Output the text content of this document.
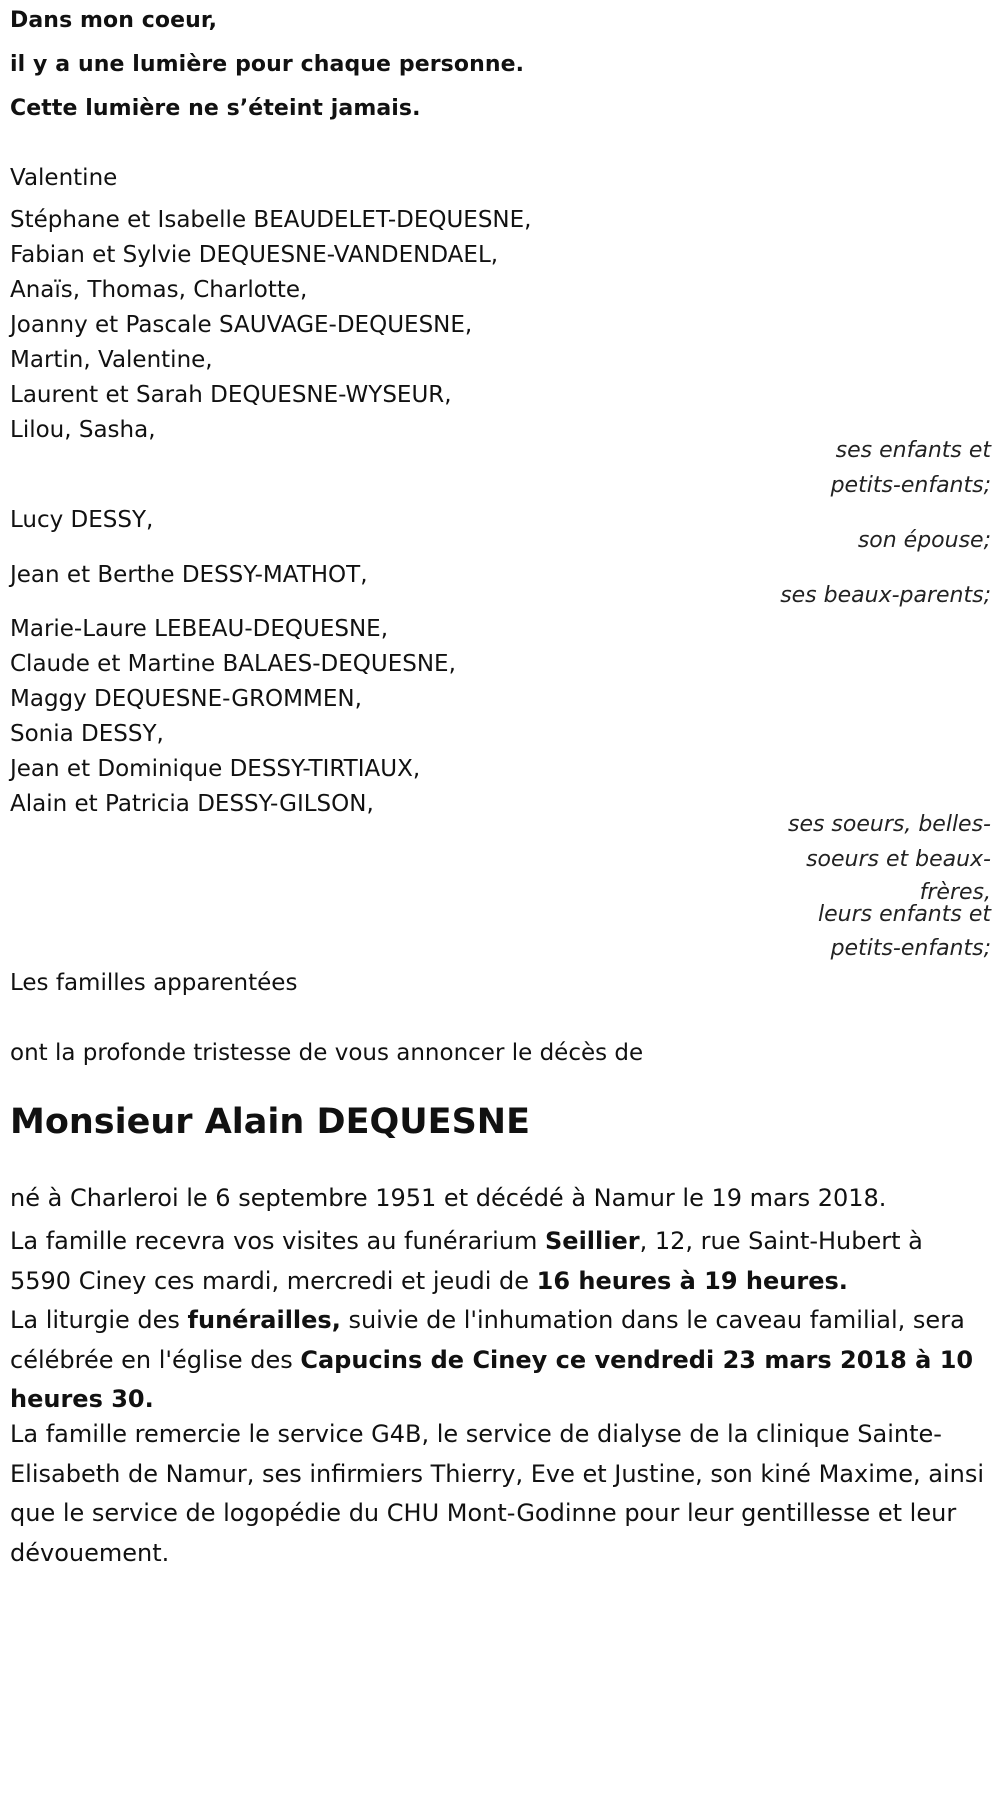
Dans mon coeur,
il y a une lumière pour chaque personne.
Cette lumière ne s’éteint jamais.
Valentine
Stéphane et Isabelle BEAUDELET-DEQUESNE,
Fabian et Sylvie DEQUESNE-VANDENDAEL,
Anaïs, Thomas, Charlotte,
Joanny et Pascale SAUVAGE-DEQUESNE,
Martin, Valentine,
Laurent et Sarah DEQUESNE-WYSEUR,
Lilou, Sasha,
ses enfants et
petits-enfants;
Lucy DESSY,
son épouse;
Jean et Berthe DESSY-MATHOT,
ses beaux-parents;
Marie-Laure LEBEAU-DEQUESNE,
Claude et Martine BALAES-DEQUESNE,
Maggy DEQUESNE-GROMMEN,
Sonia DESSY,
Jean et Dominique DESSY-TIRTIAUX,
Alain et Patricia DESSY-GILSON,
ses soeurs, belles-
soeurs et beaux-
frères,
leurs enfants et
petits-enfants;
Les familles apparentées
ont la profonde tristesse de vous annoncer le décès de
Monsieur Alain DEQUESNE
né à Charleroi le 6 septembre 1951 et décédé à Namur le 19 mars 2018.
La famille recevra vos visites au funérarium Seillier, 12, rue Saint-Hubert à 5590 Ciney ces mardi, mercredi et jeudi de 16 heures à 19 heures.
La liturgie des funérailles, suivie de l'inhumation dans le caveau familial, sera célébrée en l'église des Capucins de Ciney ce vendredi 23 mars 2018 à 10 heures 30.
La famille remercie le service G4B, le service de dialyse de la clinique Sainte-Elisabeth de Namur, ses infirmiers Thierry, Eve et Justine, son kiné Maxime, ainsi que le service de logopédie du CHU Mont-Godinne pour leur gentillesse et leur dévouement.
